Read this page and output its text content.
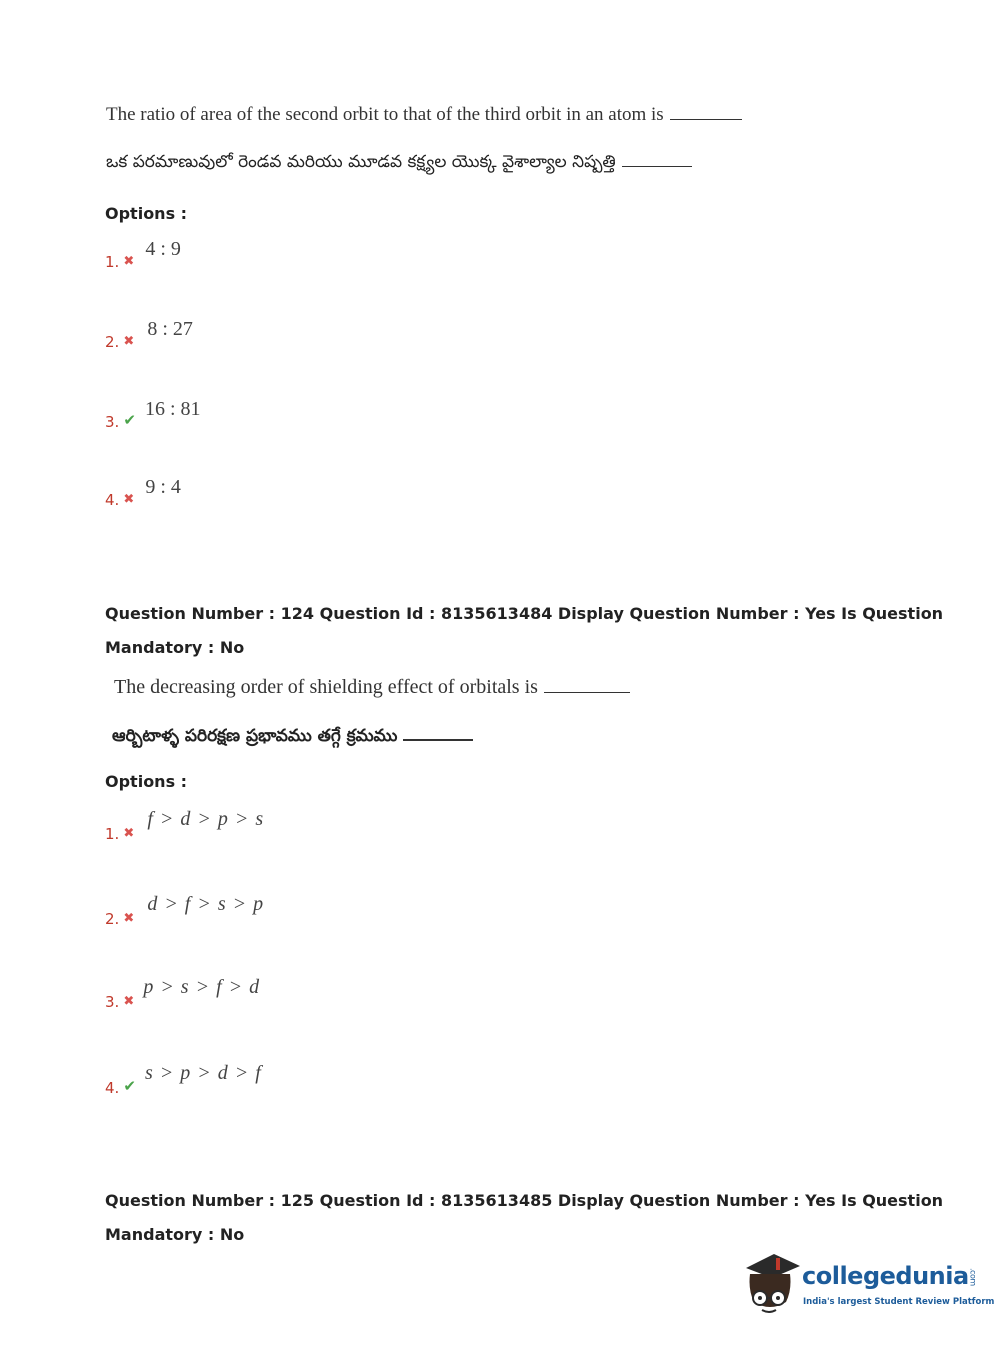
The ratio of area of the second orbit to that of the third orbit in an atom is
ఒక పరమాణువులో రెండవ మరియు మూడవ కక్ష్యల యొక్క వైశాల్యాల నిష్పత్తి
Options :
1. $_✖$ 4 : 9
2. $_✖$ 8 : 27
3. ✔ 16 : 81
4. $_✖$ 9 : 4
Question Number : 124 Question Id : 8135613484 Display Question Number : Yes Is Question
Mandatory : No
The decreasing order of shielding effect of orbitals is
ఆర్బిటాళ్ళ పరిరక్షణ ప్రభావము తగ్గే క్రమము
Options :
1. $_✖$ f > d > p > s
2. $_✖$ d > f > s > p
3. $_✖$ p > s > f > d
4. ✔ s > p > d > f
Question Number : 125 Question Id : 8135613485 Display Question Number : Yes Is Question
Mandatory : No
collegedunia.com
India's largest Student Review Platform
